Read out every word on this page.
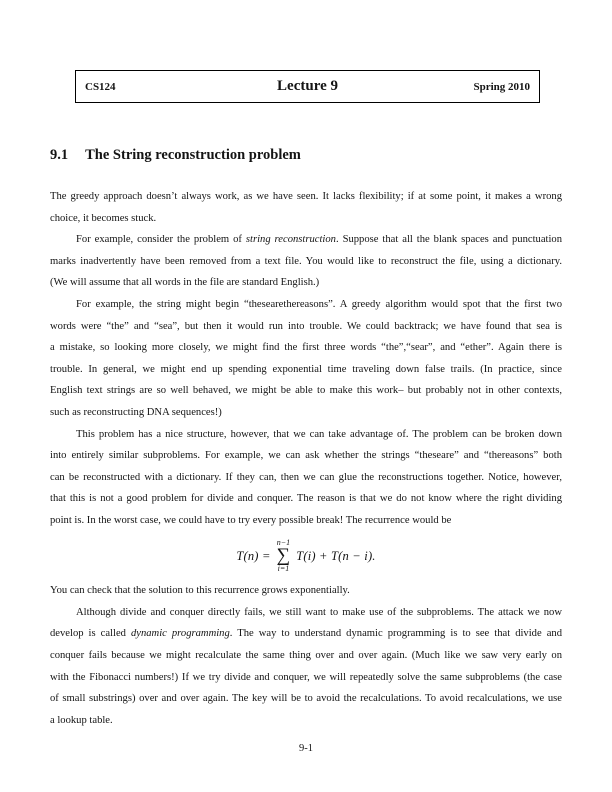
CS124	Lecture 9	Spring 2010
9.1 The String reconstruction problem
The greedy approach doesn’t always work, as we have seen. It lacks flexibility; if at some point, it makes a wrong
choice, it becomes stuck.
For example, consider the problem of string reconstruction. Suppose that all the blank spaces and punctuation
marks inadvertently have been removed from a text file. You would like to reconstruct the file, using a dictionary.
(We will assume that all words in the file are standard English.)
For example, the string might begin “thesearethereasons”. A greedy algorithm would spot that the first two
words were “the” and “sea”, but then it would run into trouble. We could backtrack; we have found that sea is
a mistake, so looking more closely, we might find the first three words “the”,“sear”, and “ether”. Again there is
trouble. In general, we might end up spending exponential time traveling down false trails. (In practice, since
English text strings are so well behaved, we might be able to make this work– but probably not in other contexts,
such as reconstructing DNA sequences!)
This problem has a nice structure, however, that we can take advantage of. The problem can be broken down
into entirely similar subproblems. For example, we can ask whether the strings “theseare” and “thereasons” both
can be reconstructed with a dictionary. If they can, then we can glue the reconstructions together. Notice, however,
that this is not a good problem for divide and conquer. The reason is that we do not know where the right dividing
point is. In the worst case, we could have to try every possible break! The recurrence would be
T(n) =
n−1
∑
i=1
T(i) + T(n − i).
You can check that the solution to this recurrence grows exponentially.
Although divide and conquer directly fails, we still want to make use of the subproblems. The attack we now
develop is called dynamic programming. The way to understand dynamic programming is to see that divide and
conquer fails because we might recalculate the same thing over and over again. (Much like we saw very early on
with the Fibonacci numbers!) If we try divide and conquer, we will repeatedly solve the same subproblems (the case
of small substrings) over and over again. The key will be to avoid the recalculations. To avoid recalculations, we use
a lookup table.
9-1
